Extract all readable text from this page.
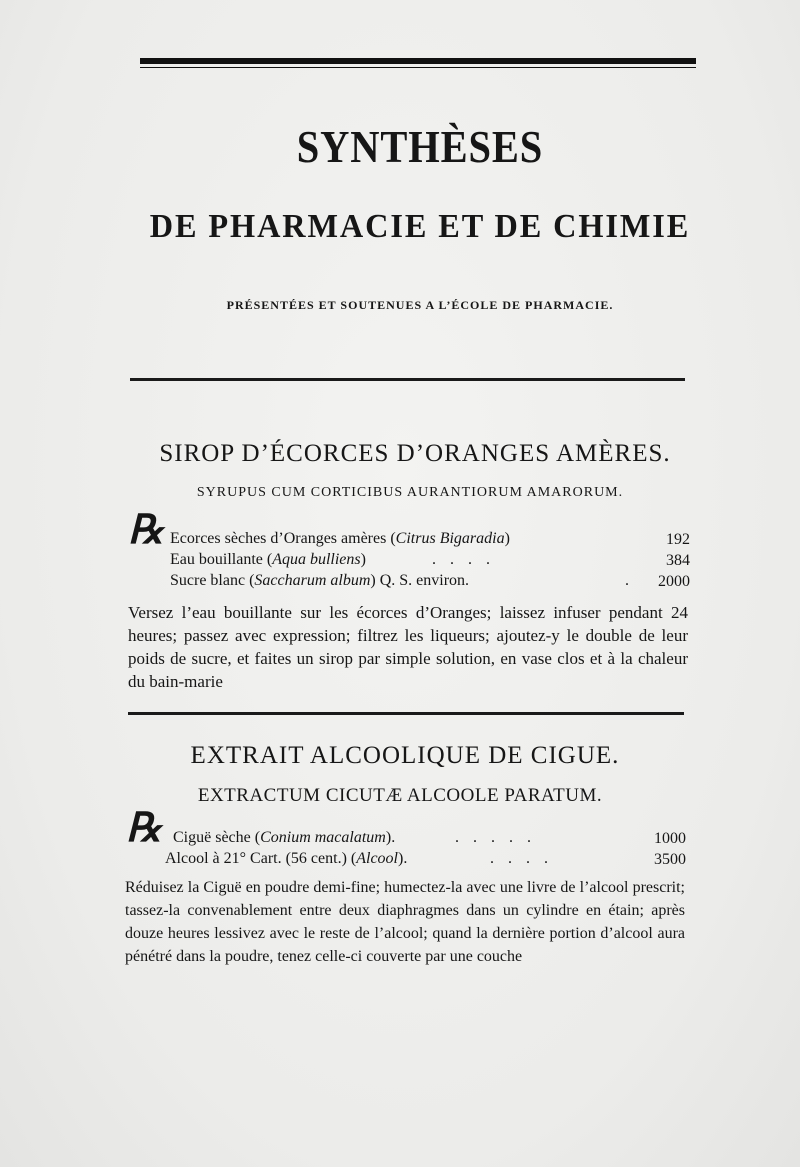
SYNTHÈSES
DE PHARMACIE ET DE CHIMIE
PRÉSENTÉES ET SOUTENUES A L’ÉCOLE DE PHARMACIE.
SIROP D’ÉCORCES D’ORANGES AMÈRES.
SYRUPUS CUM CORTICIBUS AURANTIORUM AMARORUM.
℞ Ecorces sèches d’Oranges amères (Citrus Bigaradia)	192
Eau bouillante (Aqua bulliens)	. . . .	384
Sucre blanc (Saccharum album) Q. S. environ.	.	2000
Versez l’eau bouillante sur les écorces d’Oranges; laissez infuser pendant 24 heures; passez avec expression; filtrez les liqueurs; ajoutez-y le double de leur poids de sucre, et faites un sirop par simple solution, en vase clos et à la chaleur du bain-marie
EXTRAIT ALCOOLIQUE DE CIGUE.
EXTRACTUM CICUTÆ ALCOOLE PARATUM.
℞ Ciguë sèche (Conium macalatum).	. . . . .	1000
Alcool à 21° Cart. (56 cent.) (Alcool).	. . . .	3500
Réduisez la Ciguë en poudre demi-fine; humectez-la avec une livre de l’alcool prescrit; tassez-la convenablement entre deux diaphragmes dans un cylindre en étain; après douze heures lessivez avec le reste de l’alcool; quand la dernière portion d’alcool aura pénétré dans la poudre, tenez celle-ci couverte par une couche
